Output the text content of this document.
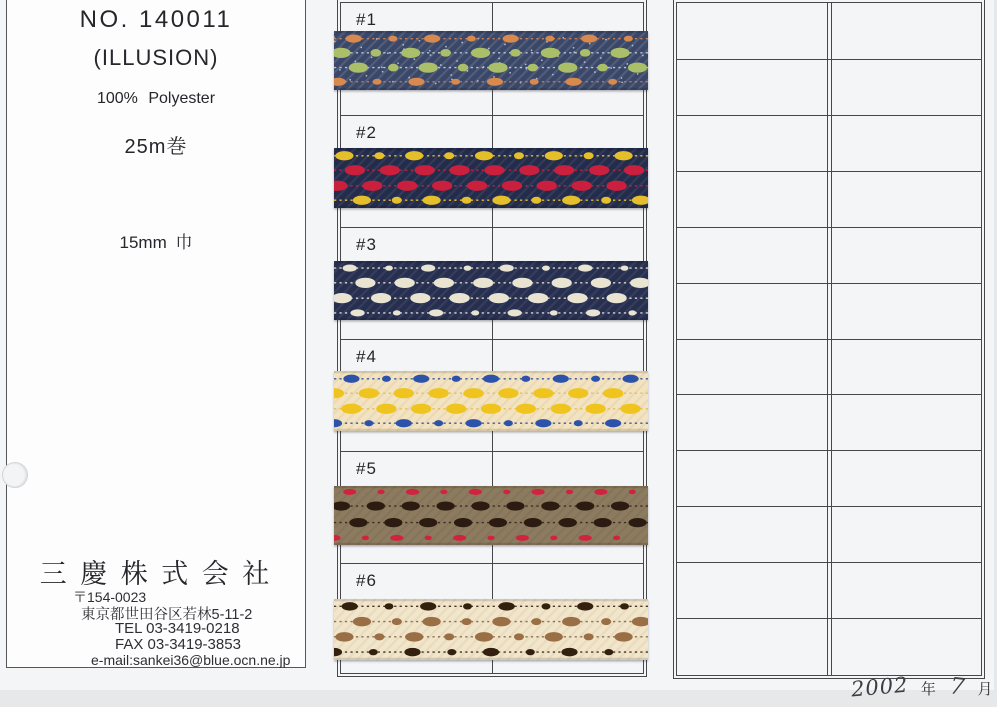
NO. 140011
(ILLUSION)
100% Polyester
25m巻
15mm 巾
三 慶 株 式 会 社
〒154-0023
東京都世田谷区若林5-11-2
TEL 03-3419-0218
FAX 03-3419-3853
e-mail:sankei36@blue.ocn.ne.jp
#1
#2
#3
#4
#5
#6
2002 年 7 月
